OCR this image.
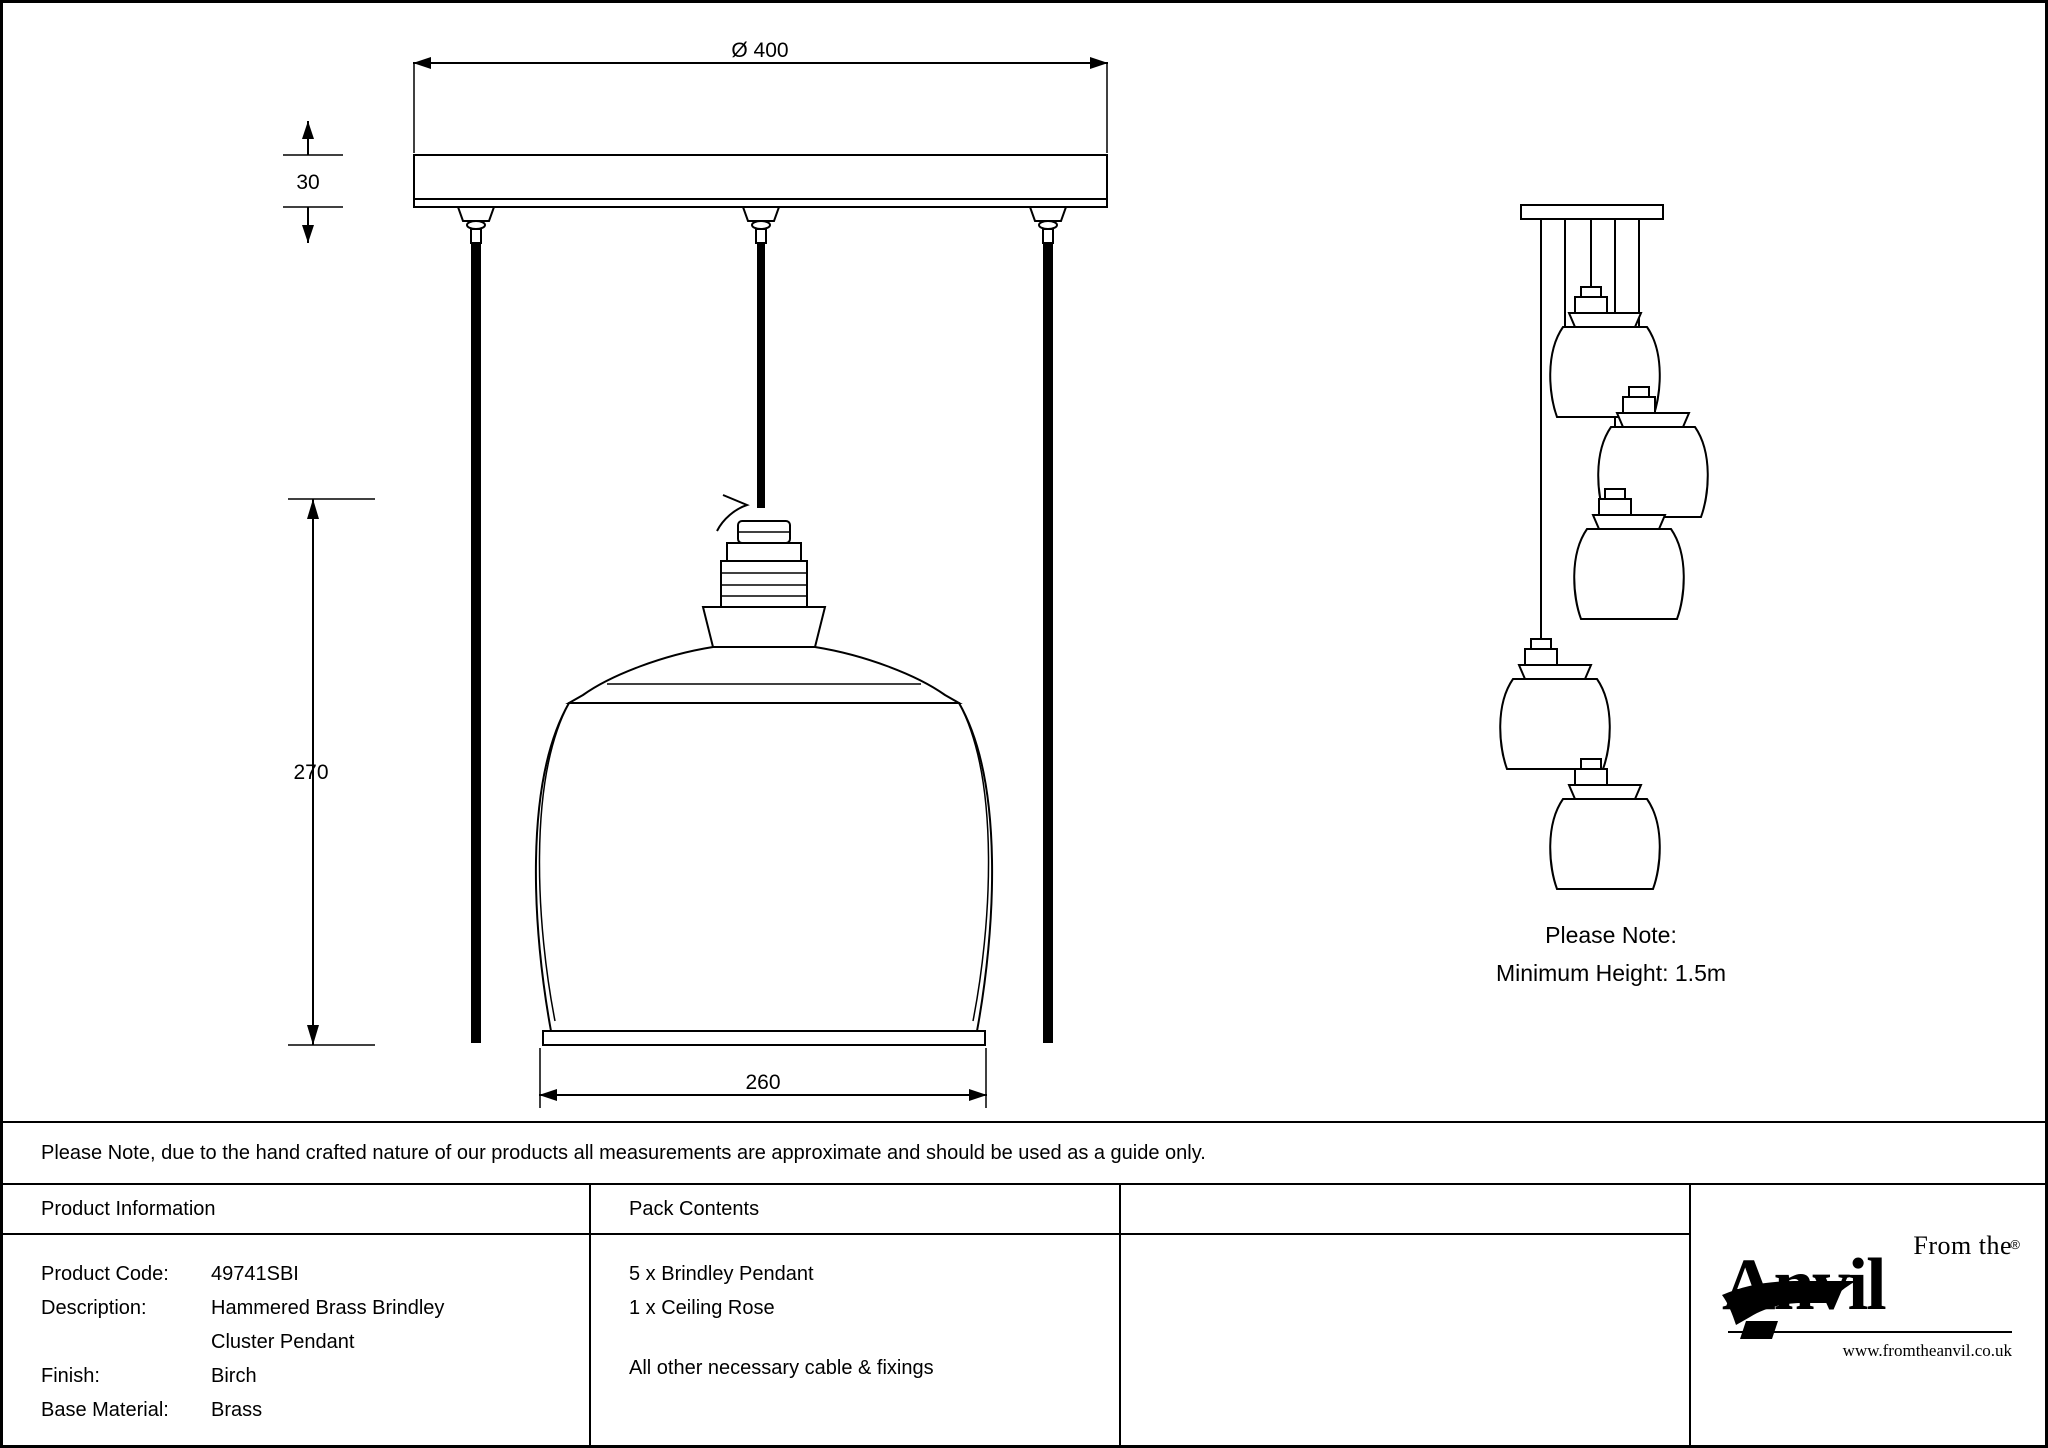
Ø 400
30
270
260
Please Note:
Minimum Height: 1.5m
Please Note, due to the hand crafted nature of our products all measurements are approximate and should be used as a guide only.
Product Information
Product Code:	49741SBI
Description:	Hammered Brass Brindley
Cluster Pendant
Finish:	Birch
Base Material:	Brass
Pack Contents
5 x Brindley Pendant
1 x Ceiling Rose
All other necessary cable & fixings
From the
®
Anvil
www.fromtheanvil.co.uk
